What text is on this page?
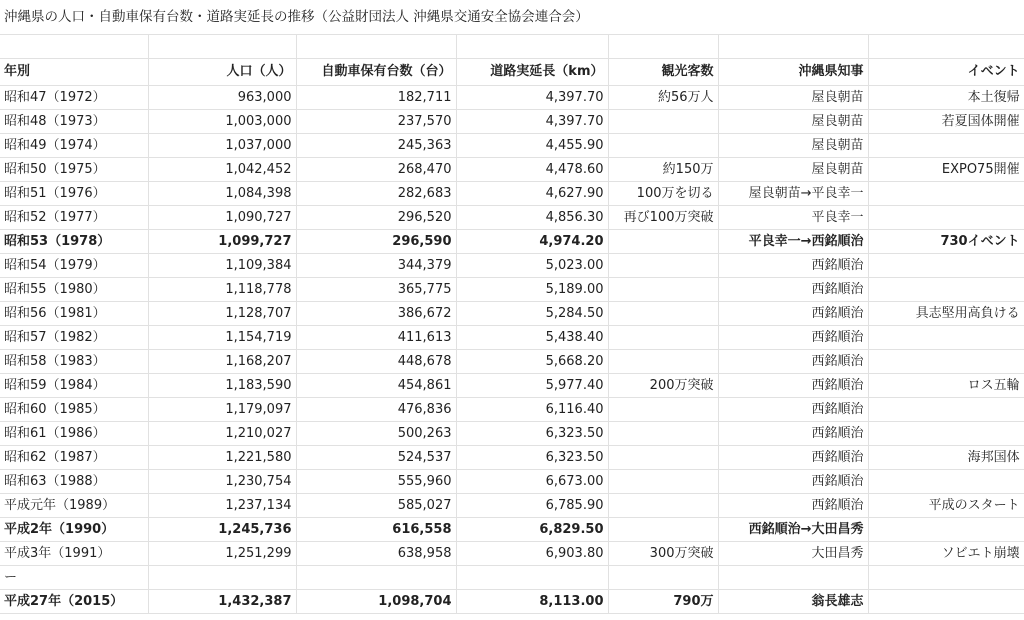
沖縄県の人口・自動車保有台数・道路実延長の推移（公益財団法人 沖縄県交通安全協会連合会）						

年別	人口（人）	自動車保有台数（台）	道路実延長（km）	観光客数	沖縄県知事	イベント
昭和47（1972）	963,000	182,711	4,397.70	約56万人	屋良朝苗	本土復帰
昭和48（1973）	1,003,000	237,570	4,397.70		屋良朝苗	若夏国体開催
昭和49（1974）	1,037,000	245,363	4,455.90		屋良朝苗	
昭和50（1975）	1,042,452	268,470	4,478.60	約150万	屋良朝苗	EXPO75開催
昭和51（1976）	1,084,398	282,683	4,627.90	100万を切る	屋良朝苗→平良幸一	
昭和52（1977）	1,090,727	296,520	4,856.30	再び100万突破	平良幸一	
昭和53（1978）	1,099,727	296,590	4,974.20		平良幸一→西銘順治	730イベント
昭和54（1979）	1,109,384	344,379	5,023.00		西銘順治	
昭和55（1980）	1,118,778	365,775	5,189.00		西銘順治	
昭和56（1981）	1,128,707	386,672	5,284.50		西銘順治	具志堅用高負ける
昭和57（1982）	1,154,719	411,613	5,438.40		西銘順治	
昭和58（1983）	1,168,207	448,678	5,668.20		西銘順治	
昭和59（1984）	1,183,590	454,861	5,977.40	200万突破	西銘順治	ロス五輪
昭和60（1985）	1,179,097	476,836	6,116.40		西銘順治	
昭和61（1986）	1,210,027	500,263	6,323.50		西銘順治	
昭和62（1987）	1,221,580	524,537	6,323.50		西銘順治	海邦国体
昭和63（1988）	1,230,754	555,960	6,673.00		西銘順治	
平成元年（1989）	1,237,134	585,027	6,785.90		西銘順治	平成のスタート
平成2年（1990）	1,245,736	616,558	6,829.50		西銘順治→大田昌秀	
平成3年（1991）	1,251,299	638,958	6,903.80	300万突破	大田昌秀	ソビエト崩壊
ー						
平成27年（2015）	1,432,387	1,098,704	8,113.00	790万	翁長雄志	
